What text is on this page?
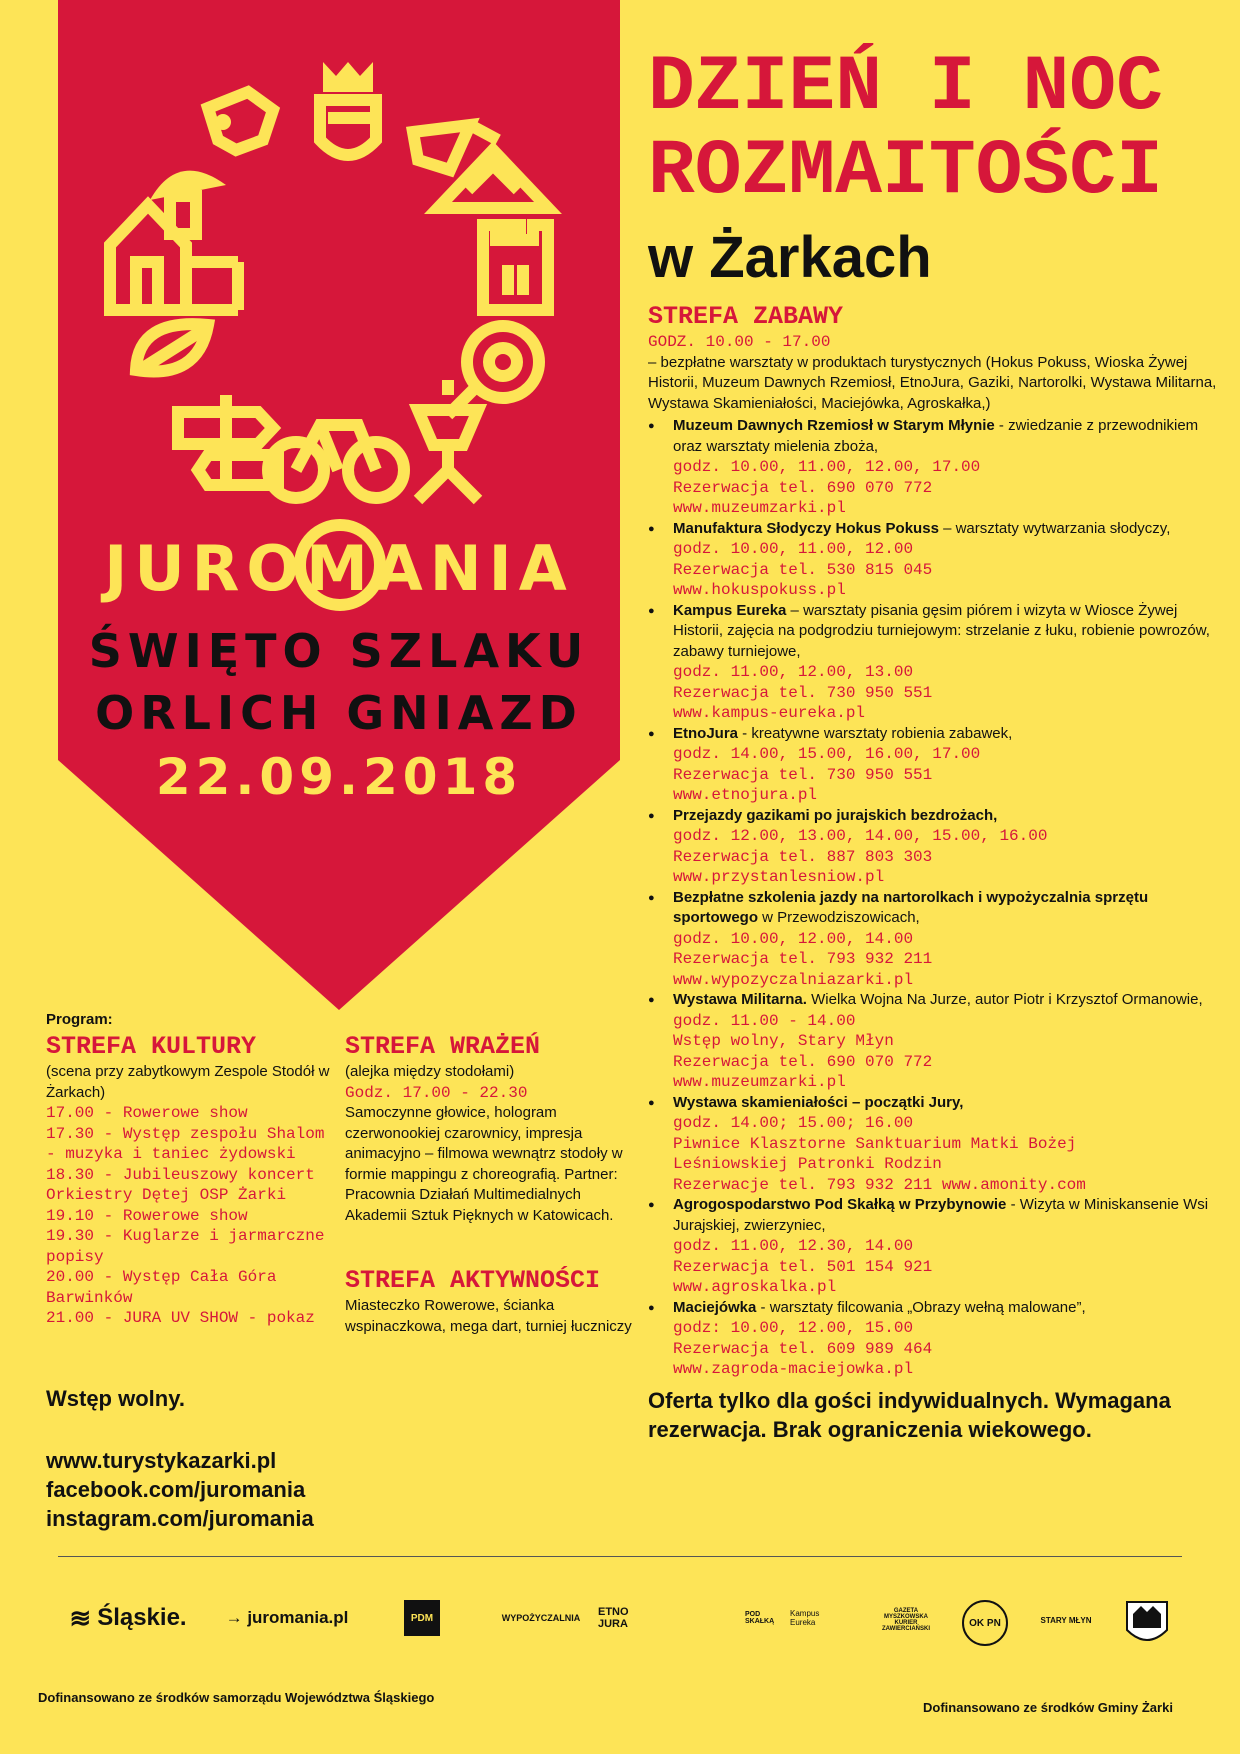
JUROMANIA
ŚWIĘTO SZLAKU
ORLICH GNIAZD
22.09.2018
DZIEŃ I NOC
ROZMAITOŚCI
w Żarkach
STREFA ZABAWY
GODZ. 10.00 - 17.00

– bezpłatne warsztaty w produktach turystycznych (Hokus Pokuss, Wioska Żywej Historii, Muzeum Dawnych Rzemiosł, EtnoJura, Gaziki, Nartorolki, Wystawa Militarna, Wystawa Skamieniałości, Maciejówka, Agroskałka,)

● Muzeum Dawnych Rzemiosł w Starym Młynie - zwiedzanie z przewodnikiem oraz warsztaty mielenia zboża,
godz. 10.00, 11.00, 12.00, 17.00
Rezerwacja tel. 690 070 772
www.muzeumzarki.pl
● Manufaktura Słodyczy Hokus Pokuss – warsztaty wytwarzania słodyczy,
godz. 10.00, 11.00, 12.00
Rezerwacja tel. 530 815 045
www.hokuspokuss.pl
● Kampus Eureka – warsztaty pisania gęsim piórem i wizyta w Wiosce Żywej Historii, zajęcia na podgrodziu turniejowym: strzelanie z łuku, robienie powrozów, zabawy turniejowe,
godz. 11.00, 12.00, 13.00
Rezerwacja tel. 730 950 551
www.kampus-eureka.pl
● EtnoJura - kreatywne warsztaty robienia zabawek,
godz. 14.00, 15.00, 16.00, 17.00
Rezerwacja tel. 730 950 551
www.etnojura.pl
● Przejazdy gazikami po jurajskich bezdrożach,
godz. 12.00, 13.00, 14.00, 15.00, 16.00
Rezerwacja tel. 887 803 303
www.przystanlesniow.pl
● Bezpłatne szkolenia jazdy na nartorolkach i wypożyczalnia sprzętu sportowego w Przewodziszowicach,
godz. 10.00, 12.00, 14.00
Rezerwacja tel. 793 932 211
www.wypozyczalniazarki.pl
● Wystawa Militarna. Wielka Wojna Na Jurze, autor Piotr i Krzysztof Ormanowie,
godz. 11.00 - 14.00
Wstęp wolny, Stary Młyn
Rezerwacja tel. 690 070 772
www.muzeumzarki.pl
● Wystawa skamieniałości – początki Jury,
godz. 14.00; 15.00; 16.00
Piwnice Klasztorne Sanktuarium Matki Bożej
Leśniowskiej Patronki Rodzin
Rezerwacje tel. 793 932 211 www.amonity.com
● Agrogospodarstwo Pod Skałką w Przybynowie - Wizyta w Miniskansenie Wsi Jurajskiej, zwierzyniec,
godz. 11.00, 12.30, 14.00
Rezerwacja tel. 501 154 921
www.agroskalka.pl
● Maciejówka - warsztaty filcowania „Obrazy wełną malowane”,
godz: 10.00, 12.00, 15.00
Rezerwacja tel. 609 989 464
www.zagroda-maciejowka.pl

Oferta tylko dla gości indywidualnych. Wymagana rezerwacja. Brak ograniczenia wiekowego.

Program:
STREFA KULTURY

(scena przy zabytkowym Zespole Stodół w Żarkach)

17.00 - Rowerowe show

17.30 - Występ zespołu Shalom - muzyka i taniec żydowski

18.30 - Jubileuszowy koncert Orkiestry Dętej OSP Żarki

19.10 - Rowerowe show

19.30 - Kuglarze i jarmarczne popisy

20.00 - Występ Cała Góra Barwinków

21.00 - JURA UV SHOW - pokaz

STREFA WRAŻEŃ

(alejka między stodołami)

Godz. 17.00 - 22.30

Samoczynne głowice, hologram czerwonookiej czarownicy, impresja animacyjno – filmowa wewnątrz stodoły w formie mappingu z choreografią. Partner: Pracownia Działań Multimedialnych Akademii Sztuk Pięknych w Katowicach.

STREFA AKTYWNOŚCI

Miasteczko Rowerowe, ścianka wspinaczkowa, mega dart, turniej łuczniczy

Wstęp wolny.
www.turystykazarki.pl
facebook.com/juromania
instagram.com/juromania
≋ Śląskie.	→ juromania.pl	PDM	WYPOŻYCZALNIA	ETNO JURA
POD SKAŁKĄ
Kampus Eureka
GAZETA MYSZKOWSKA KURIER ZAWIERCIAŃSKI
OK PN	STARY MŁYN
Dofinansowano ze środków samorządu Województwa Śląskiego
Dofinansowano ze środków Gminy Żarki
